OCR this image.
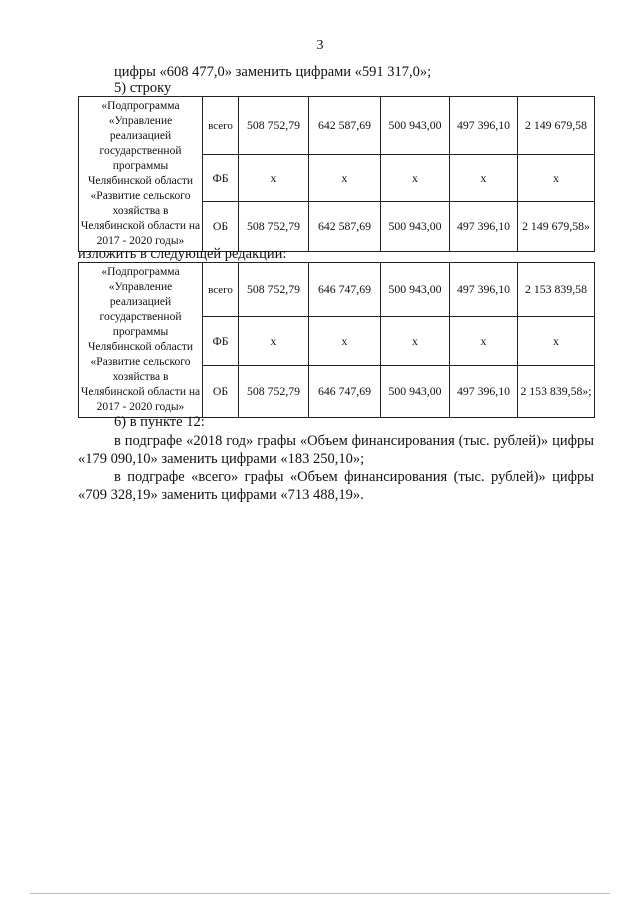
3
цифры «608 477,0» заменить цифрами «591 317,0»;
5) строку
«Подпрограмма «Управление реализацией государственной программы Челябинской области «Развитие сельского хозяйства в Челябинской области на 2017 - 2020 годы»	всего	508 752,79	642 587,69	500 943,00	497 396,10	2 149 679,58
	ФБ	x	x	x	x	x
	ОБ	508 752,79	642 587,69	500 943,00	497 396,10	2 149 679,58»
изложить в следующей редакции:
«Подпрограмма «Управление реализацией государственной программы Челябинской области «Развитие сельского хозяйства в Челябинской области на 2017 - 2020 годы»	всего	508 752,79	646 747,69	500 943,00	497 396,10	2 153 839,58
	ФБ	x	x	x	x	x
	ОБ	508 752,79	646 747,69	500 943,00	497 396,10	2 153 839,58»;
6) в пункте 12:
в подграфе «2018 год» графы «Объем финансирования (тыс. рублей)» цифры «179 090,10» заменить цифрами «183 250,10»;
в подграфе «всего» графы «Объем финансирования (тыс. рублей)» цифры «709 328,19» заменить цифрами «713 488,19».
